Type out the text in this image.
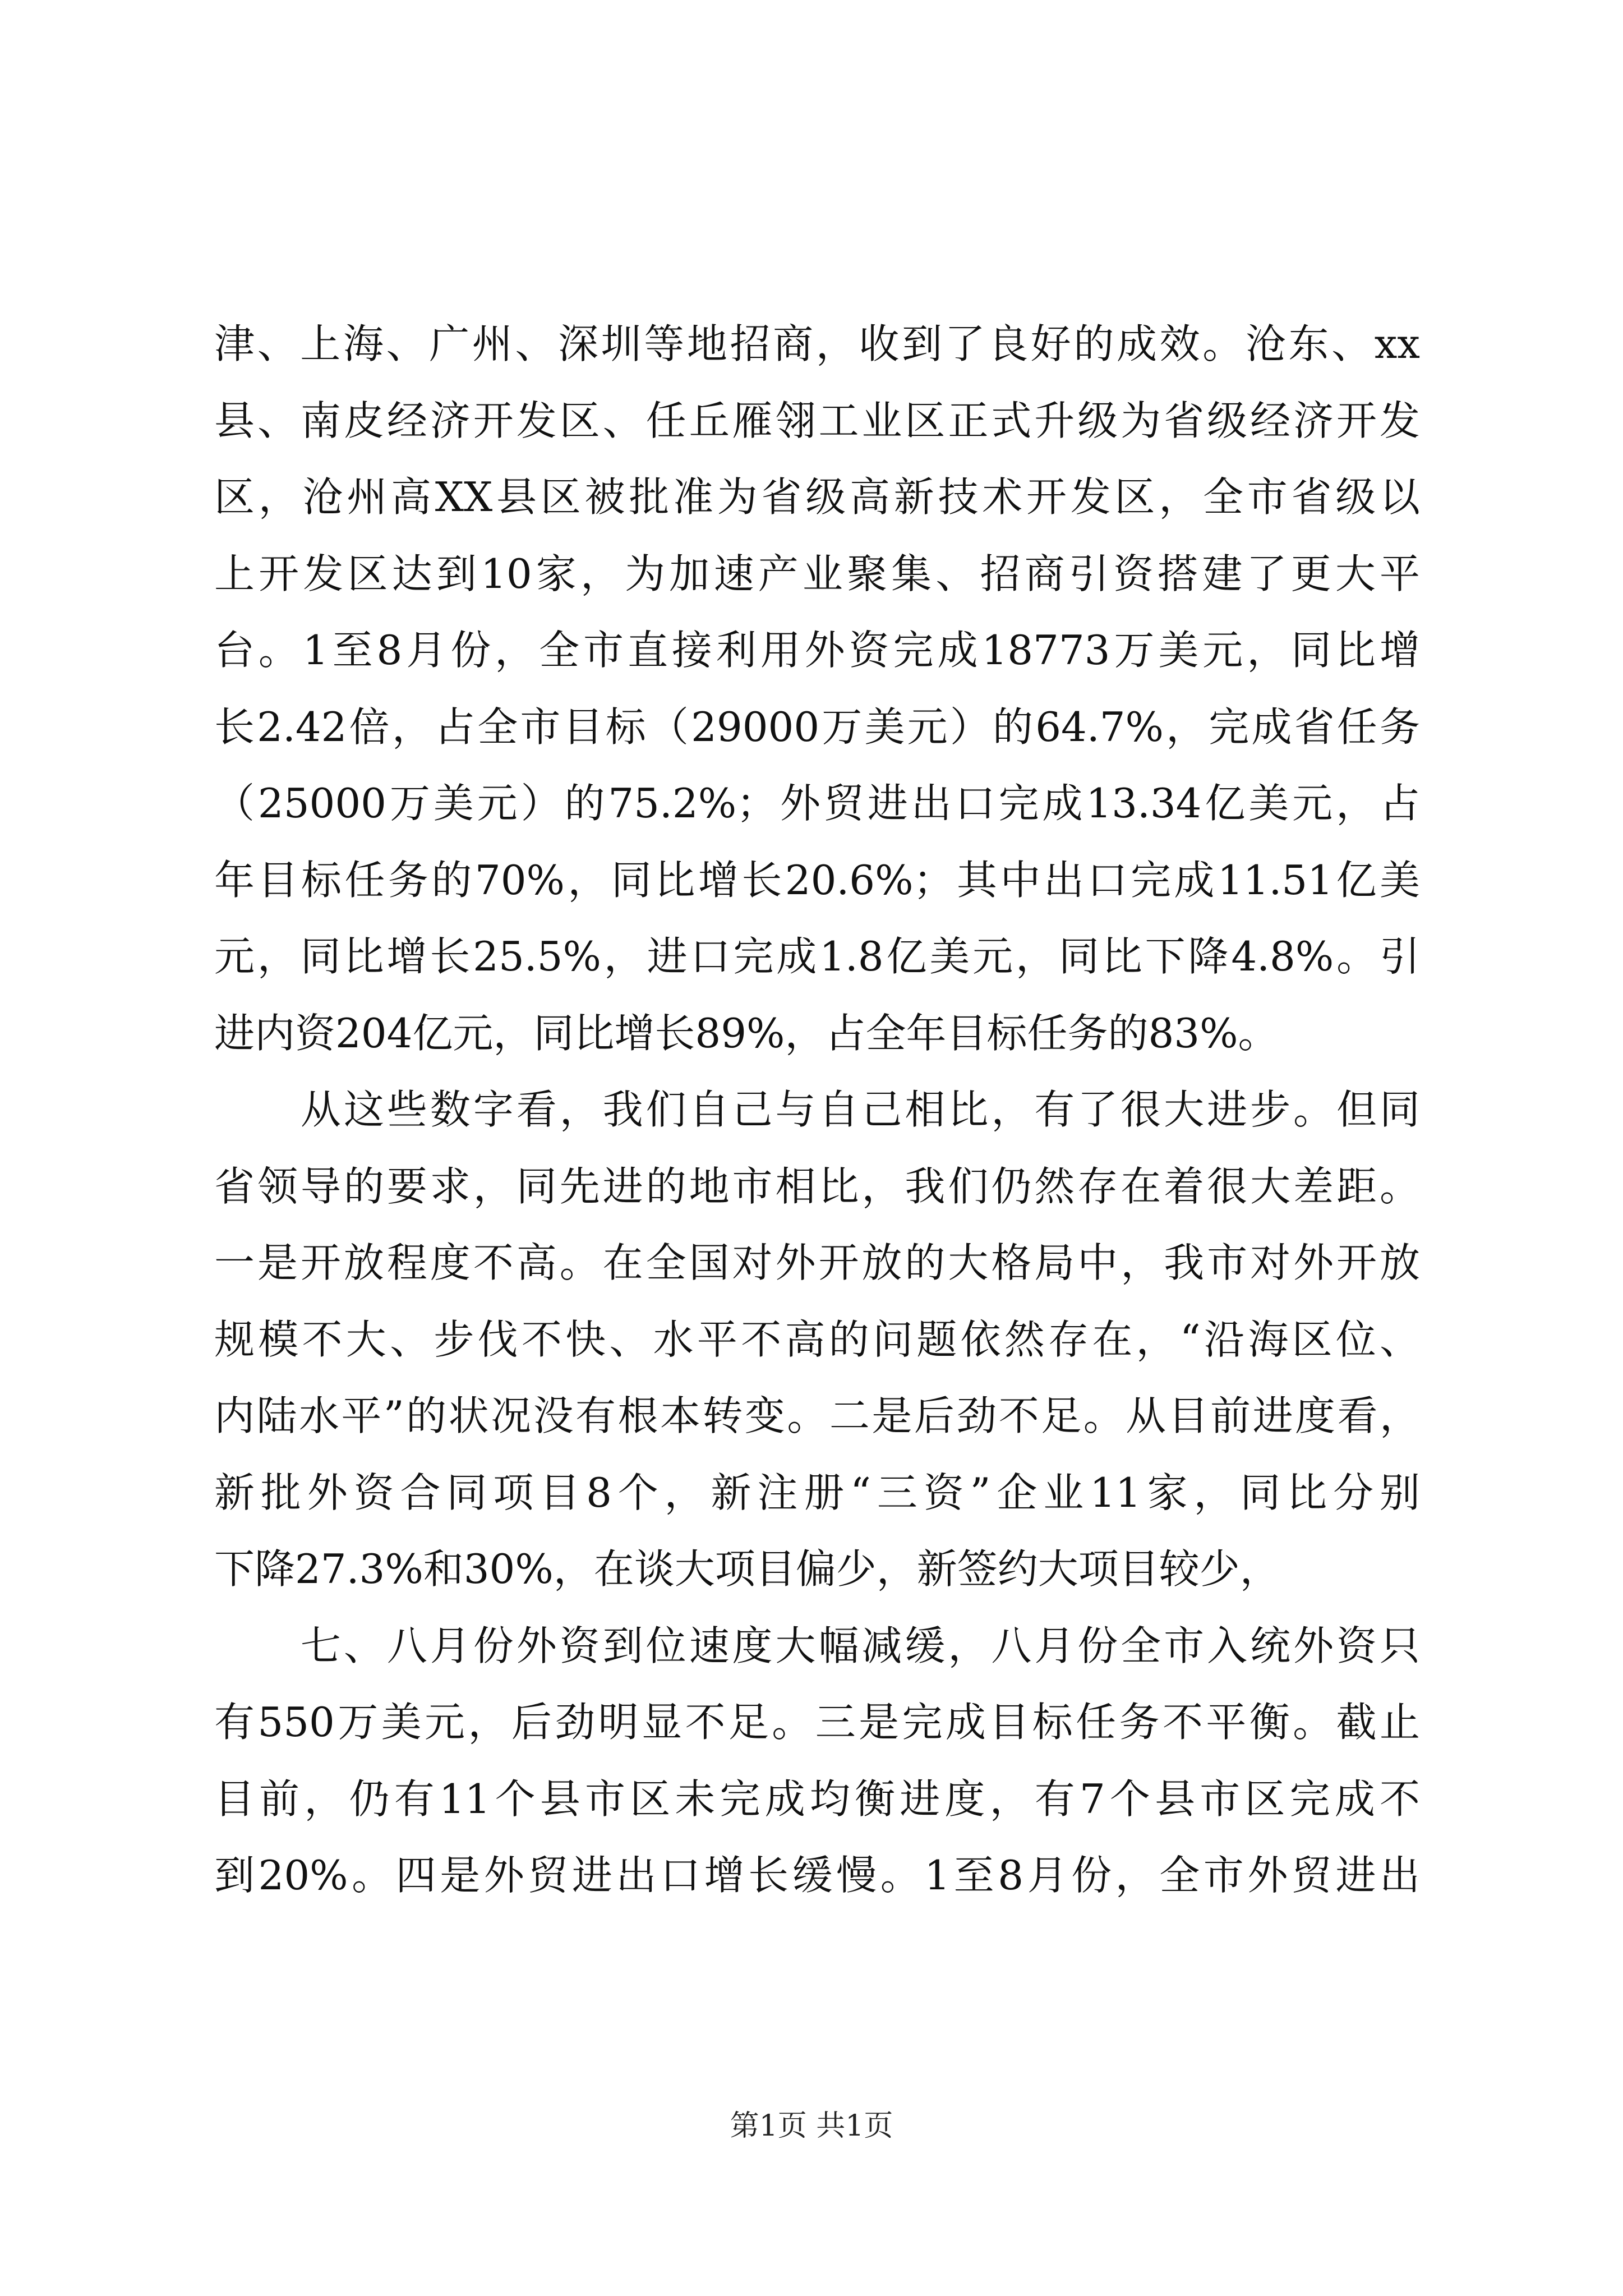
津、上海、广州、深圳等地招商，收到了良好的成效。沧东、xx
县、南皮经济开发区、任丘雁翎工业区正式升级为省级经济开发
区，沧州高XX县区被批准为省级高新技术开发区，全市省级以
上开发区达到10家，为加速产业聚集、招商引资搭建了更大平
台。1至8月份，全市直接利用外资完成18773万美元，同比增
长2.42倍，占全市目标（29000万美元）的64.7%，完成省任务
（25000万美元）的75.2%；外贸进出口完成13.34亿美元，占
年目标任务的70%，同比增长20.6%；其中出口完成11.51亿美
元，同比增长25.5%，进口完成1.8亿美元，同比下降4.8%。引
进内资204亿元，同比增长89%，占全年目标任务的83%。
　　从这些数字看，我们自己与自己相比，有了很大进步。但同
省领导的要求，同先进的地市相比，我们仍然存在着很大差距。
一是开放程度不高。在全国对外开放的大格局中，我市对外开放
规模不大、步伐不快、水平不高的问题依然存在，“沿海区位、
内陆水平”的状况没有根本转变。二是后劲不足。从目前进度看，
新批外资合同项目8个，新注册“三资”企业11家，同比分别
下降27.3%和30%，在谈大项目偏少，新签约大项目较少，
　　七、八月份外资到位速度大幅减缓，八月份全市入统外资只
有550万美元，后劲明显不足。三是完成目标任务不平衡。截止
目前，仍有11个县市区未完成均衡进度，有7个县市区完成不
到20%。四是外贸进出口增长缓慢。1至8月份，全市外贸进出
第1页 共1页
